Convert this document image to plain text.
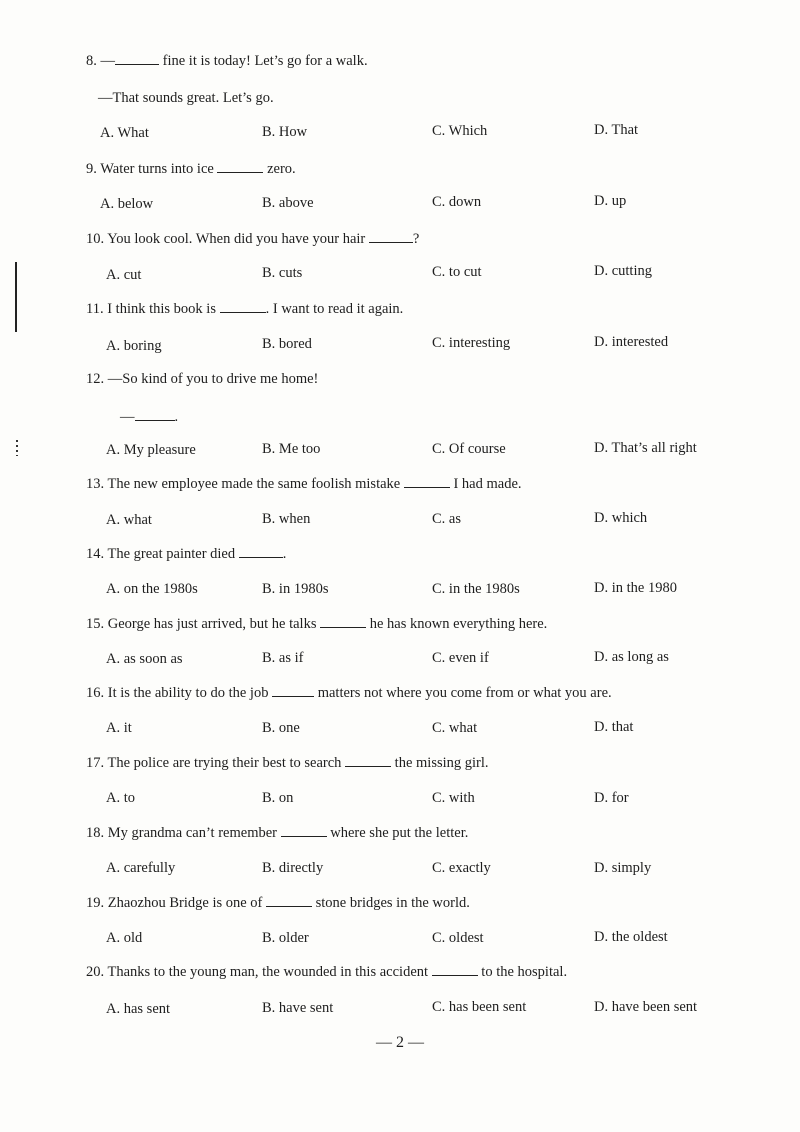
8. —	fine it is today! Let’s go for a walk.
—That sounds great. Let’s go.
A. What	B. How	C. Which	D. That
9. Water turns into ice	zero.
A. below	B. above	C. down	D. up
10. You look cool. When did you have your hair	?
A. cut	B. cuts	C. to cut	D. cutting
11. I think this book is	. I want to read it again.
A. boring	B. bored	C. interesting	D. interested
12. —So kind of you to drive me home!
—	.
A. My pleasure	B. Me too	C. Of course	D. That’s all right
13. The new employee made the same foolish mistake	I had made.
A. what	B. when	C. as	D. which
14. The great painter died	.
A. on the 1980s	B. in 1980s	C. in the 1980s	D. in the 1980
15. George has just arrived, but he talks	he has known everything here.
A. as soon as	B. as if	C. even if	D. as long as
16. It is the ability to do the job	matters not where you come from or what you are.
A. it	B. one	C. what	D. that
17. The police are trying their best to search	the missing girl.
A. to	B. on	C. with	D. for
18. My grandma can’t remember	where she put the letter.
A. carefully	B. directly	C. exactly	D. simply
19. Zhaozhou Bridge is one of	stone bridges in the world.
A. old	B. older	C. oldest	D. the oldest
20. Thanks to the young man, the wounded in this accident	to the hospital.
A. has sent	B. have sent	C. has been sent	D. have been sent
— 2 —
